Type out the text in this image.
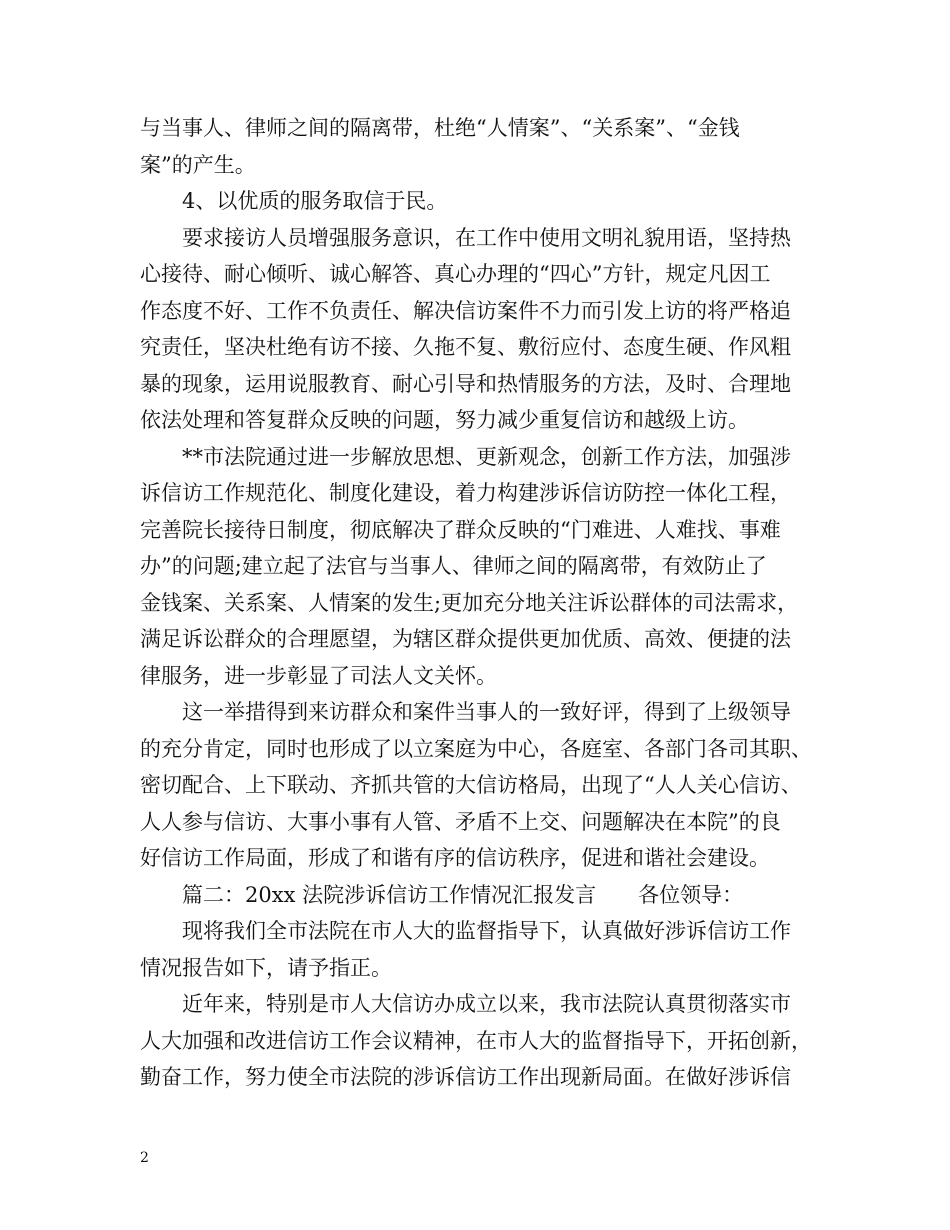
与当事人、律师之间的隔离带，杜绝“人情案”、“关系案”、“金钱
案”的产生。
4、以优质的服务取信于民。
要求接访人员增强服务意识，在工作中使用文明礼貌用语，坚持热
心接待、耐心倾听、诚心解答、真心办理的“四心”方针，规定凡因工
作态度不好、工作不负责任、解决信访案件不力而引发上访的将严格追
究责任，坚决杜绝有访不接、久拖不复、敷衍应付、态度生硬、作风粗
暴的现象，运用说服教育、耐心引导和热情服务的方法，及时、合理地
依法处理和答复群众反映的问题，努力减少重复信访和越级上访。
**市法院通过进一步解放思想、更新观念，创新工作方法，加强涉
诉信访工作规范化、制度化建设，着力构建涉诉信访防控一体化工程，
完善院长接待日制度，彻底解决了群众反映的“门难进、人难找、事难
办”的问题;建立起了法官与当事人、律师之间的隔离带，有效防止了
金钱案、关系案、人情案的发生;更加充分地关注诉讼群体的司法需求，
满足诉讼群众的合理愿望，为辖区群众提供更加优质、高效、便捷的法
律服务，进一步彰显了司法人文关怀。
这一举措得到来访群众和案件当事人的一致好评，得到了上级领导
的充分肯定，同时也形成了以立案庭为中心，各庭室、各部门各司其职、
密切配合、上下联动、齐抓共管的大信访格局，出现了“人人关心信访、
人人参与信访、大事小事有人管、矛盾不上交、问题解决在本院”的良
好信访工作局面，形成了和谐有序的信访秩序，促进和谐社会建设。
篇二：20xx 法院涉诉信访工作情况汇报发言　　各位领导：
现将我们全市法院在市人大的监督指导下，认真做好涉诉信访工作
情况报告如下，请予指正。
近年来，特别是市人大信访办成立以来，我市法院认真贯彻落实市
人大加强和改进信访工作会议精神，在市人大的监督指导下，开拓创新，
勤奋工作，努力使全市法院的涉诉信访工作出现新局面。在做好涉诉信
2
